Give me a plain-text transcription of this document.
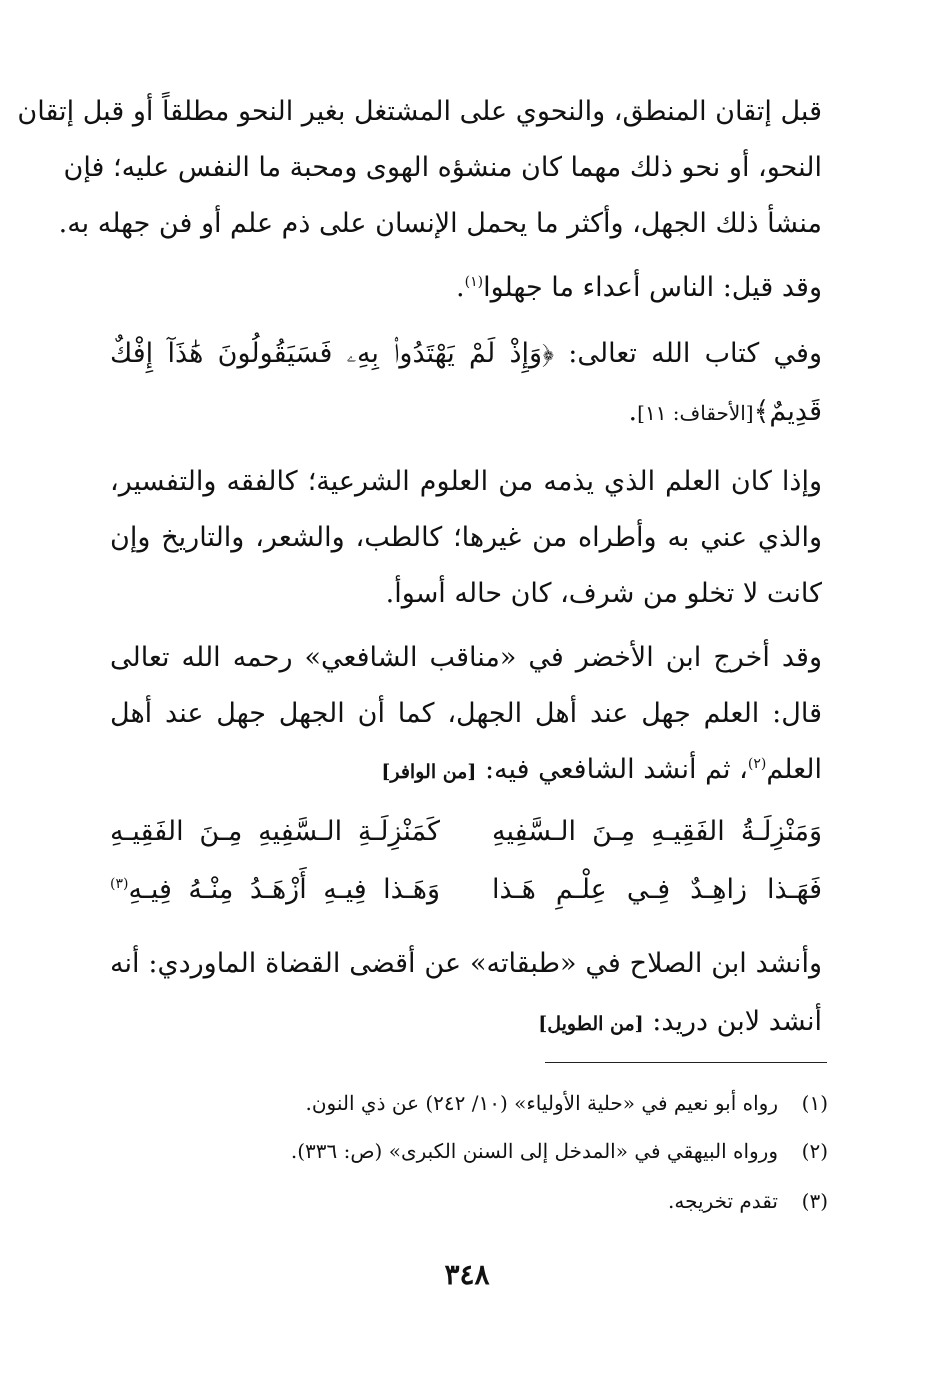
قبل إتقان المنطق، والنحوي على المشتغل بغير النحو مطلقاً أو قبل إتقان
النحو، أو نحو ذلك مهما كان منشؤه الهوى ومحبة ما النفس عليه؛ فإن
منشأ ذلك الجهل، وأكثر ما يحمل الإنسان على ذم علم أو فن جهله به.
وقد قيل: الناس أعداء ما جهلوا$^{(١)}$.
وفي كتاب الله تعالى: ﴿وَإِذْ لَمْ يَهْتَدُوا۟ بِهِۦ فَسَيَقُولُونَ هَٰذَآ إِفْكٌ
قَدِيمٌ﴾[الأحقاف: ١١].
وإذا كان العلم الذي يذمه من العلوم الشرعية؛ كالفقه والتفسير،
والذي عني به وأطراه من غيرها؛ كالطب، والشعر، والتاريخ وإن
كانت لا تخلو من شرف، كان حاله أسوأ.
وقد أخرج ابن الأخضر في «مناقب الشافعي» رحمه الله تعالى
قال: العلم جهل عند أهل الجهل، كما أن الجهل جهل عند أهل
العلم$^{(٢)}$، ثم أنشد الشافعي فيه: [من الوافر]
وَمَنْزِلَـةُ الفَقِيـهِ مِـنَ الـسَّفِيهِ
كَمَنْزِلَـةِ الـسَّفِيهِ مِـنَ الفَقِيـهِ
فَهَـذا زاهِـدٌ فِـي عِلْـمِ هَـذا
وَهَـذا فِيـهِ أَزْهَـدُ مِنْـهُ فِيـهِ$^{(٣)}$
وأنشد ابن الصلاح في «طبقاته» عن أقضى القضاة الماوردي: أنه
أنشد لابن دريد: [من الطويل]
(١)رواه أبو نعيم في «حلية الأولياء» (١٠/ ٢٤٢) عن ذي النون.
(٢)ورواه البيهقي في «المدخل إلى السنن الكبرى» (ص: ٣٣٦).
(٣)تقدم تخريجه.
٣٤٨
